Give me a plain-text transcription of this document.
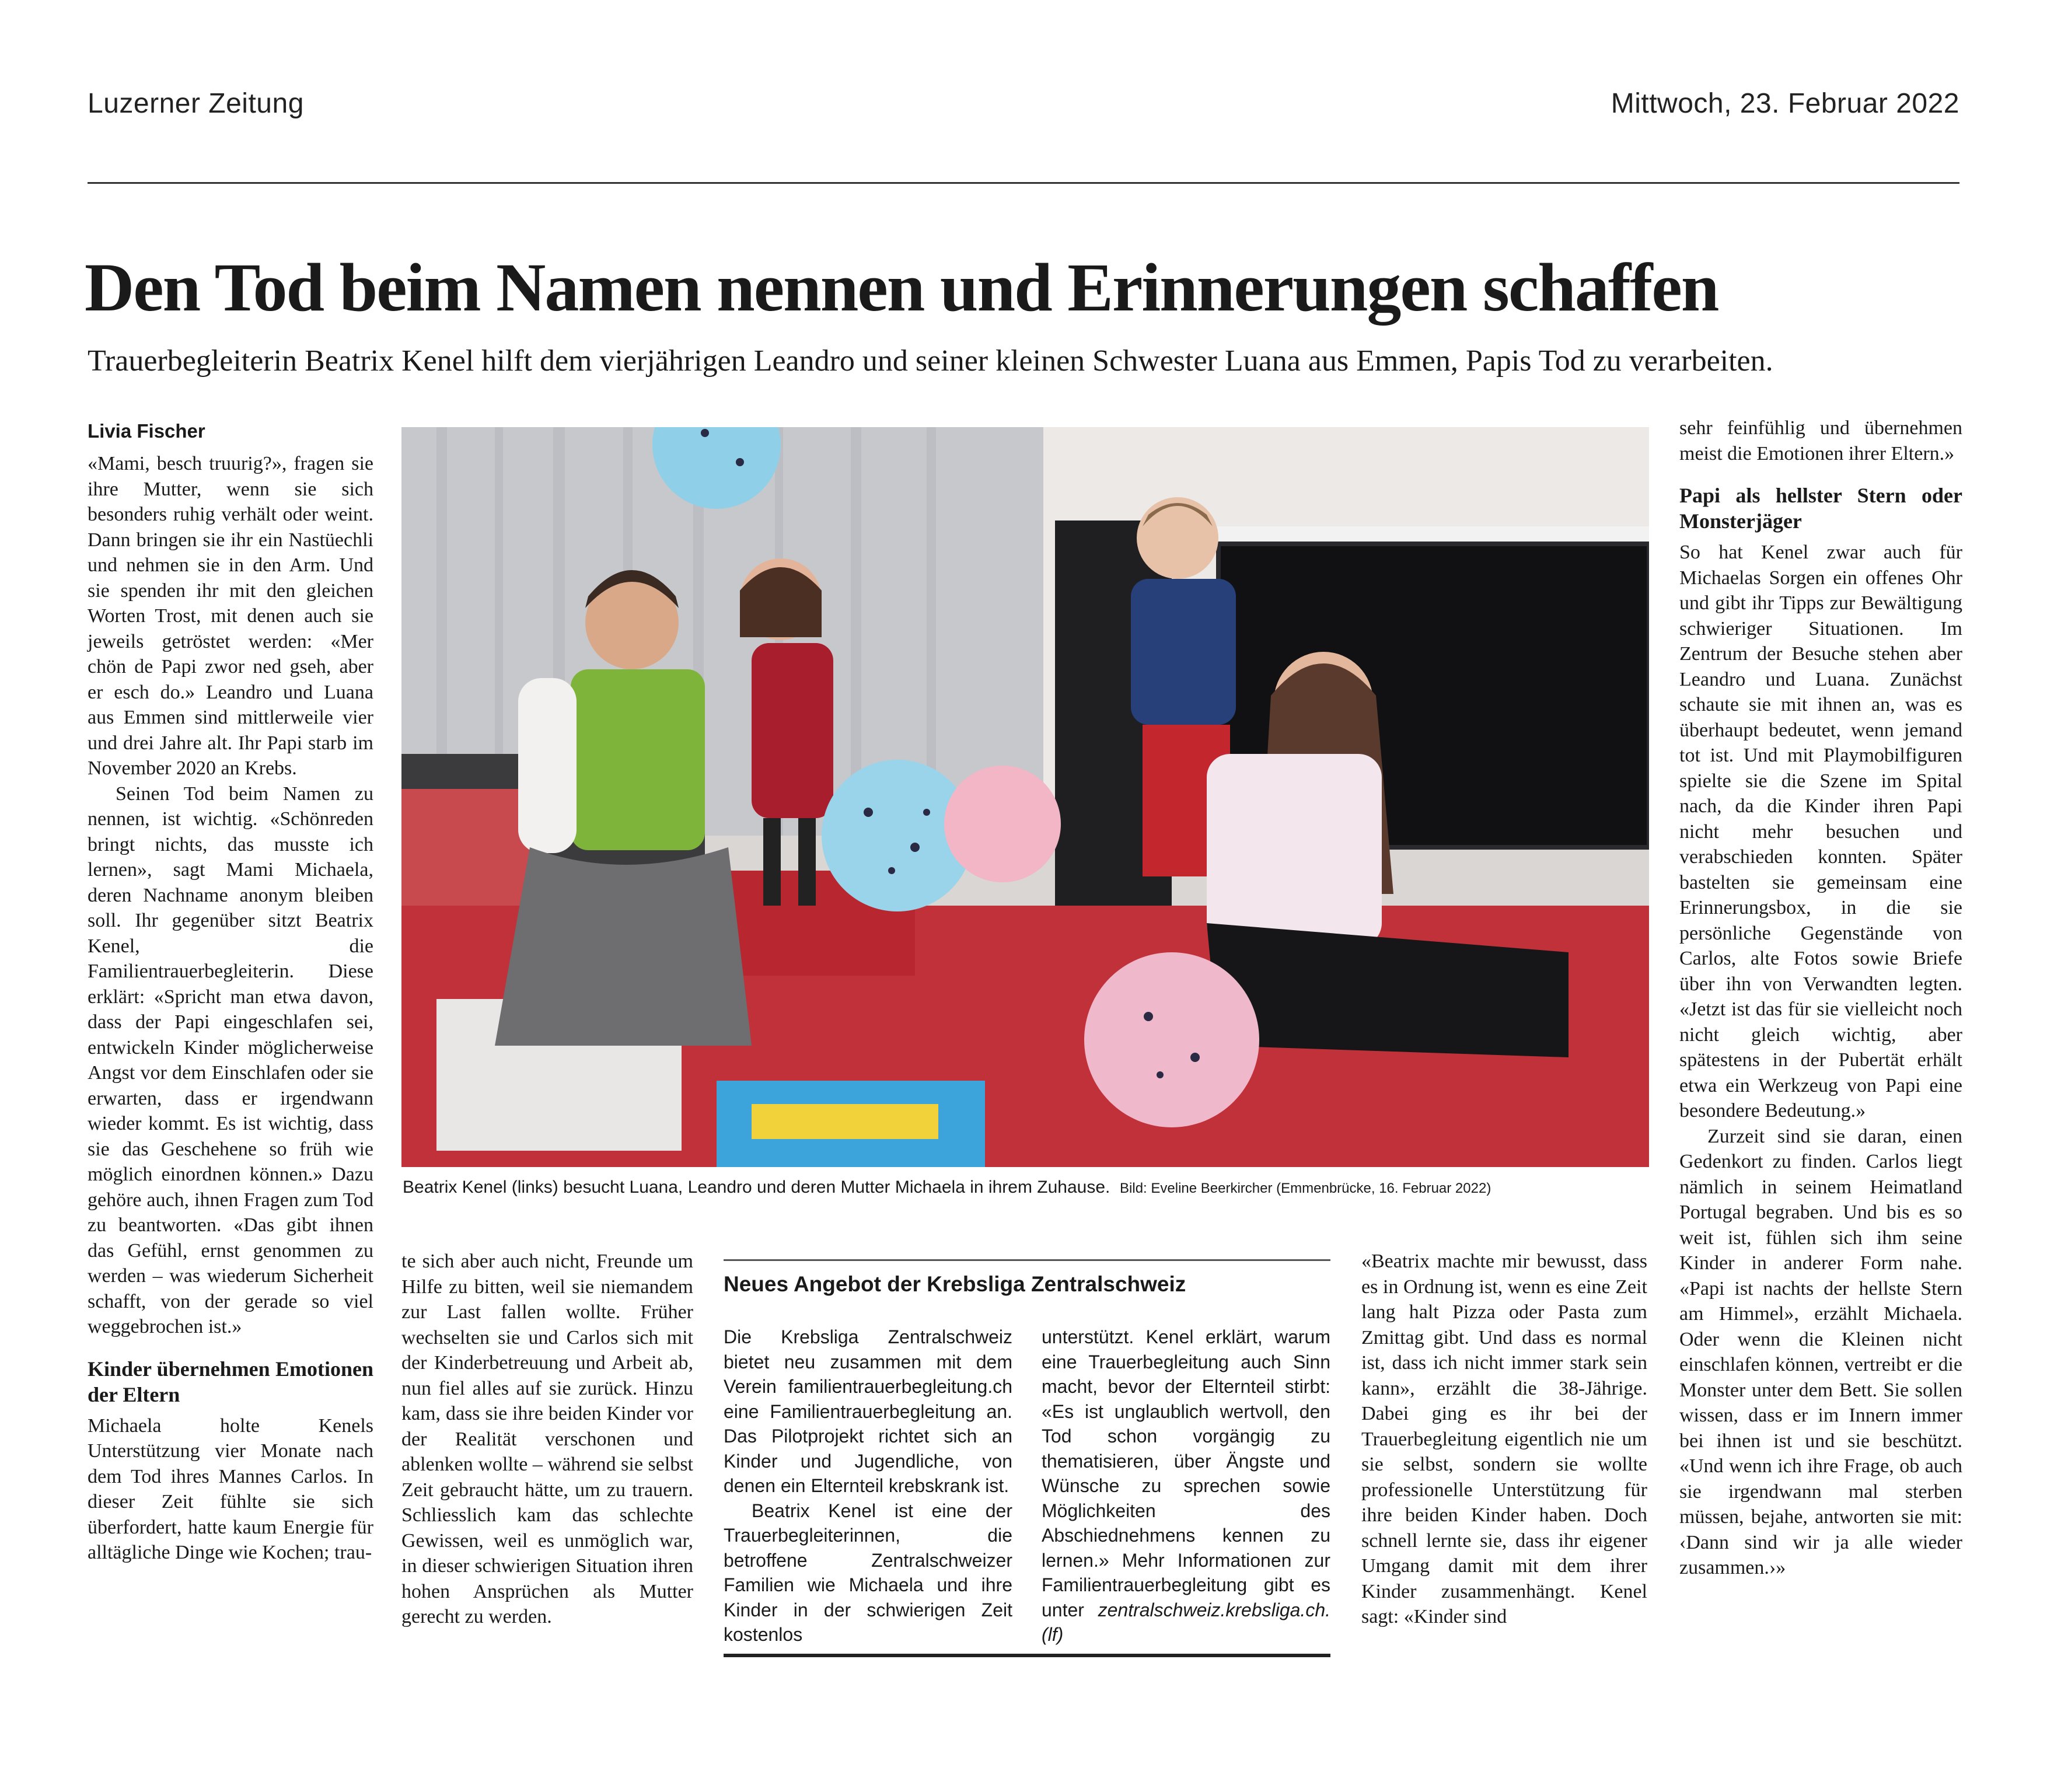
Luzerner Zeitung	Mittwoch, 23. Februar 2022
Den Tod beim Namen nennen und Erinnerungen schaffen
Trauerbegleiterin Beatrix Kenel hilft dem vierjährigen Leandro und seiner kleinen Schwester Luana aus Emmen, Papis Tod zu verarbeiten.
Livia Fischer

«Mami, besch truurig?», fragen sie ihre Mutter, wenn sie sich besonders ruhig verhält oder weint. Dann bringen sie ihr ein Nastüechli und nehmen sie in den Arm. Und sie spenden ihr mit den gleichen Worten Trost, mit denen auch sie jeweils getröstet werden: «Mer chön de Papi zwor ned gseh, aber er esch do.» Leandro und Luana aus Emmen sind mittlerweile vier und drei Jahre alt. Ihr Papi starb im November 2020 an Krebs.

Seinen Tod beim Namen zu nennen, ist wichtig. «Schönreden bringt nichts, das musste ich lernen», sagt Mami Michaela, deren Nachname anonym bleiben soll. Ihr gegenüber sitzt Beatrix Kenel, die Familientrauerbegleiterin. Diese erklärt: «Spricht man etwa davon, dass der Papi eingeschlafen sei, entwickeln Kinder möglicherweise Angst vor dem Einschlafen oder sie erwarten, dass er irgendwann wieder kommt. Es ist wichtig, dass sie das Geschehene so früh wie möglich einordnen können.» Dazu gehöre auch, ihnen Fragen zum Tod zu beantworten. «Das gibt ihnen das Gefühl, ernst genommen zu werden – was wiederum Sicherheit schafft, von der gerade so viel weggebrochen ist.»

Kinder übernehmen Emotionen der Eltern

Michaela holte Kenels Unterstützung vier Monate nach dem Tod ihres Mannes Carlos. In dieser Zeit fühlte sie sich überfordert, hatte kaum Energie für alltägliche Dinge wie Kochen; trau-

Beatrix Kenel (links) besucht Luana, Leandro und deren Mutter Michaela in ihrem Zuhause. Bild: Eveline Beerkircher (Emmenbrücke, 16. Februar 2022)

te sich aber auch nicht, Freunde um Hilfe zu bitten, weil sie niemandem zur Last fallen wollte. Früher wechselten sie und Carlos sich mit der Kinderbetreuung und Arbeit ab, nun fiel alles auf sie zurück. Hinzu kam, dass sie ihre beiden Kinder vor der Realität verschonen und ablenken wollte – während sie selbst Zeit gebraucht hätte, um zu trauern. Schliesslich kam das schlechte Gewissen, weil es unmöglich war, in dieser schwierigen Situation ihren hohen Ansprüchen als Mutter gerecht zu werden.

Neues Angebot der Krebsliga Zentralschweiz

Die Krebsliga Zentralschweiz bietet neu zusammen mit dem Verein familientrauerbegleitung.ch eine Familientrauerbegleitung an. Das Pilotprojekt richtet sich an Kinder und Jugendliche, von denen ein Elternteil krebskrank ist.

Beatrix Kenel ist eine der Trauerbegleiterinnen, die betroffene Zentralschweizer Familien wie Michaela und ihre Kinder in der schwierigen Zeit kostenlos

unterstützt. Kenel erklärt, warum eine Trauerbegleitung auch Sinn macht, bevor der Elternteil stirbt: «Es ist unglaublich wertvoll, den Tod schon vorgängig zu thematisieren, über Ängste und Wünsche zu sprechen sowie Möglichkeiten des Abschiednehmens kennen zu lernen.» Mehr Informationen zur Familientrauerbegleitung gibt es unter zentralschweiz.krebsliga.ch. (lf)

«Beatrix machte mir bewusst, dass es in Ordnung ist, wenn es eine Zeit lang halt Pizza oder Pasta zum Zmittag gibt. Und dass es normal ist, dass ich nicht immer stark sein kann», erzählt die 38-Jährige. Dabei ging es ihr bei der Trauerbegleitung eigentlich nie um sie selbst, sondern sie wollte professionelle Unterstützung für ihre beiden Kinder haben. Doch schnell lernte sie, dass ihr eigener Umgang damit mit dem ihrer Kinder zusammenhängt. Kenel sagt: «Kinder sind

sehr feinfühlig und übernehmen meist die Emotionen ihrer Eltern.»

Papi als hellster Stern oder Monsterjäger

So hat Kenel zwar auch für Michaelas Sorgen ein offenes Ohr und gibt ihr Tipps zur Bewältigung schwieriger Situationen. Im Zentrum der Besuche stehen aber Leandro und Luana. Zunächst schaute sie mit ihnen an, was es überhaupt bedeutet, wenn jemand tot ist. Und mit Playmobilfiguren spielte sie die Szene im Spital nach, da die Kinder ihren Papi nicht mehr besuchen und verabschieden konnten. Später bastelten sie gemeinsam eine Erinnerungsbox, in die sie persönliche Gegenstände von Carlos, alte Fotos sowie Briefe über ihn von Verwandten legten. «Jetzt ist das für sie vielleicht noch nicht gleich wichtig, aber spätestens in der Pubertät erhält etwa ein Werkzeug von Papi eine besondere Bedeutung.»

Zurzeit sind sie daran, einen Gedenkort zu finden. Carlos liegt nämlich in seinem Heimatland Portugal begraben. Und bis es so weit ist, fühlen sich ihm seine Kinder in anderer Form nahe. «Papi ist nachts der hellste Stern am Himmel», erzählt Michaela. Oder wenn die Kleinen nicht einschlafen können, vertreibt er die Monster unter dem Bett. Sie sollen wissen, dass er im Innern immer bei ihnen ist und sie beschützt. «Und wenn ich ihre Frage, ob auch sie irgendwann mal sterben müssen, bejahe, antworten sie mit: ‹Dann sind wir ja alle wieder zusammen.›»
